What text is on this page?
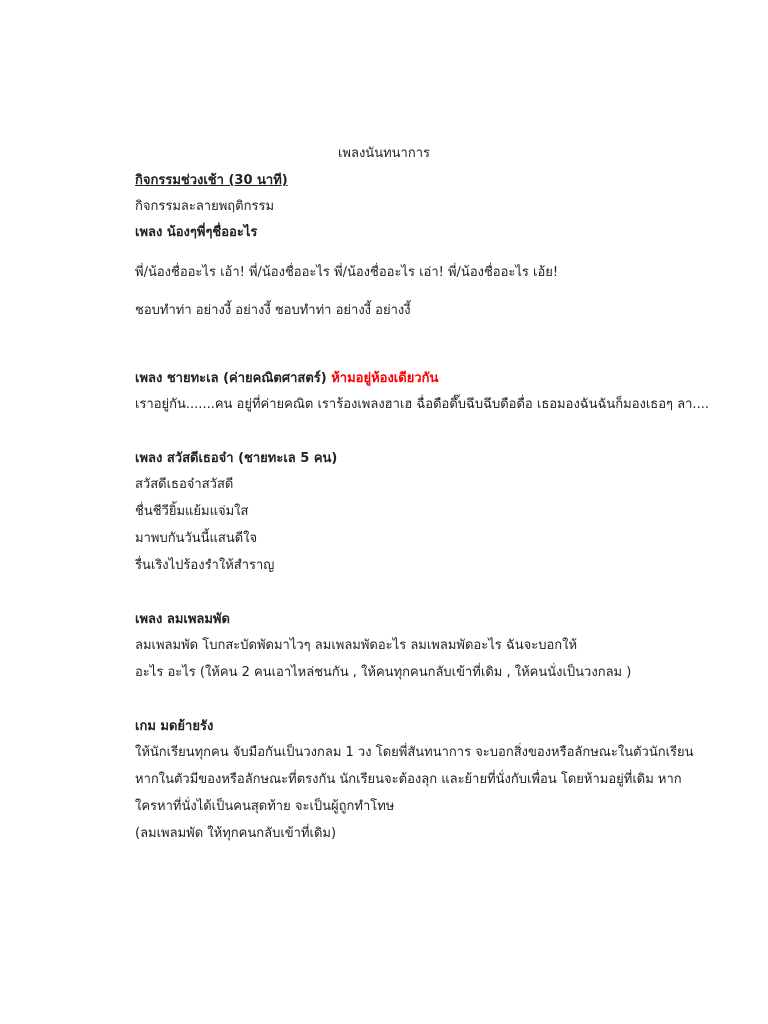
เพลงนันทนาการ
กิจกรรมช่วงเช้า (30 นาที)
กิจกรรมละลายพฤติกรรม
เพลง น้องๆพี่ๆชื่ออะไร
พี่/น้องชื่ออะไร เอ้า! พี่/น้องชื่ออะไร พี่/น้องชื่ออะไร เอ่า! พี่/น้องชื่ออะไร เอ้ย!
ชอบทำท่า อย่างงี้ อย่างงี้ ชอบทำท่า อย่างงี้ อย่างงี้
เพลง ชายทะเล (ค่ายคณิตศาสตร์) ห้ามอยู่ห้องเดียวกัน
เราอยู่กัน.......คน อยู่ที่ค่ายคณิต เราร้องเพลงฮาเฮ ฉื่อดือดึ๊บฉึบฉึบดือดื่อ เธอมองฉันฉันก็มองเธอๆ ลา....
เพลง สวัสดีเธอจ๋า (ชายทะเล 5 คน)
สวัสดีเธอจ๋าสวัสดี
ชื่นชีวียิ้มแย้มแจ่มใส
มาพบกันวันนี้แสนดีใจ
รื่นเริงไปร้องรำให้สำราญ
เพลง ลมเพลมพัด
ลมเพลมพัด โบกสะบัดพัดมาไวๆ ลมเพลมพัดอะไร ลมเพลมพัดอะไร ฉันจะบอกให้
อะไร อะไร (ให้คน 2 คนเอาไหล่ชนกัน , ให้คนทุกคนกลับเข้าที่เดิม , ให้คนนั่งเป็นวงกลม )
เกม มดย้ายรัง
ให้นักเรียนทุกคน จับมือกันเป็นวงกลม 1 วง โดยพี่สันทนาการ จะบอกสิ่งของหรือลักษณะในตัวนักเรียน
หากในตัวมีของหรือลักษณะที่ตรงกัน นักเรียนจะต้องลุก และย้ายที่นั่งกับเพื่อน โดยห้ามอยู่ที่เดิม หาก
ใครหาที่นั่งได้เป็นคนสุดท้าย จะเป็นผู้ถูกทำโทษ
(ลมเพลมพัด ให้ทุกคนกลับเข้าที่เดิม)
